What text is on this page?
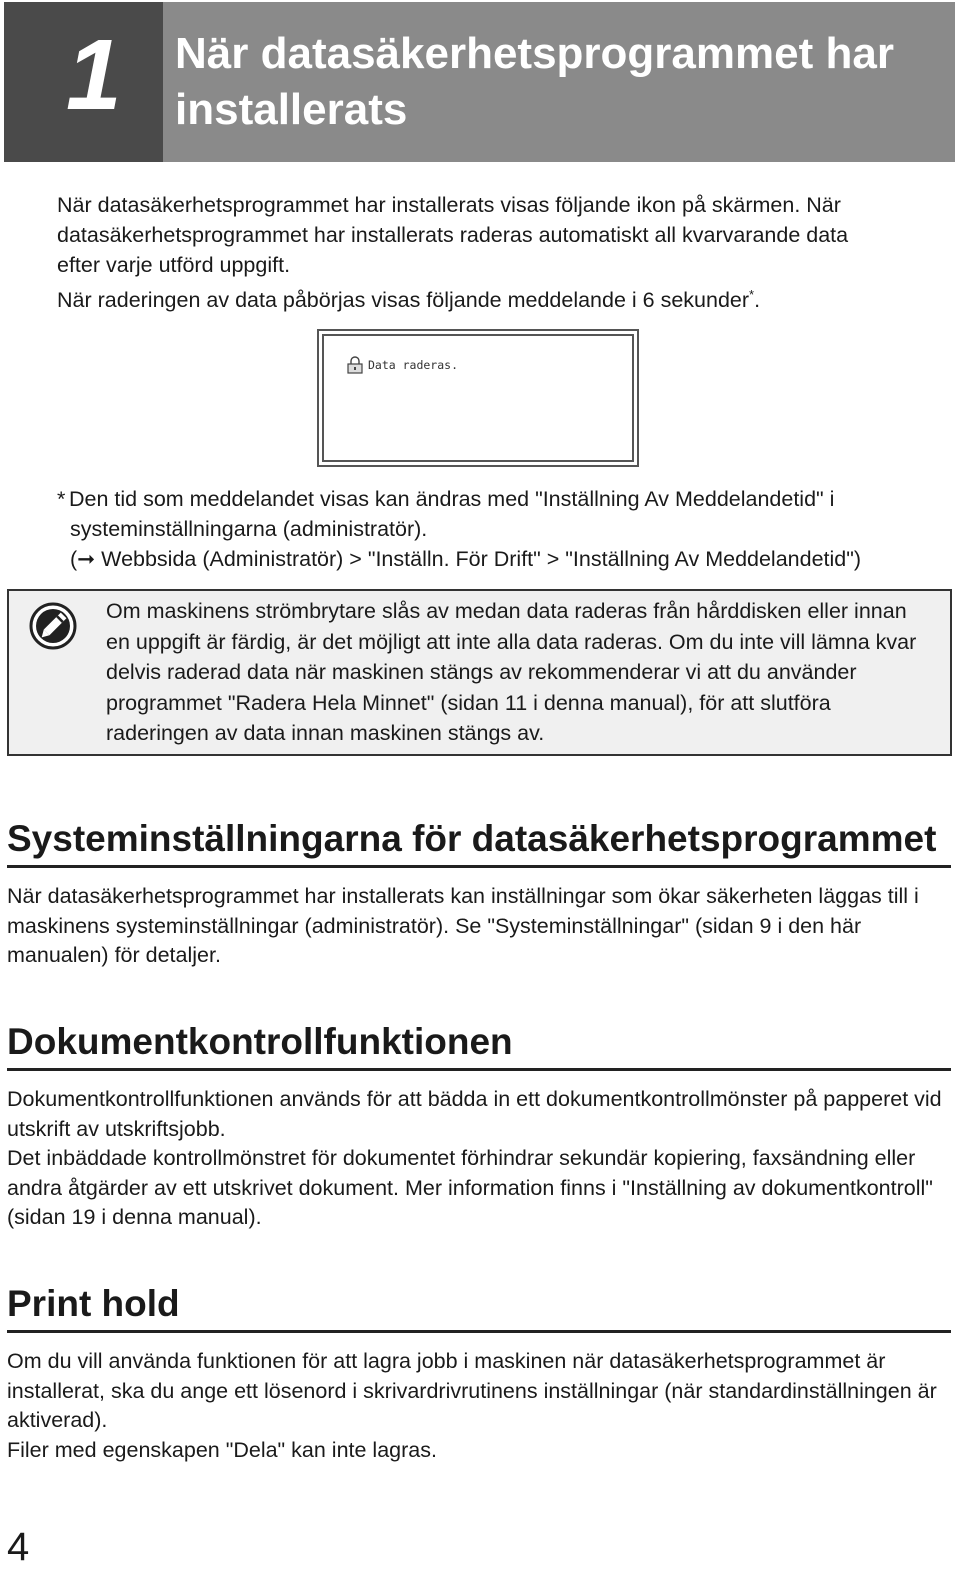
1 När datasäkerhetsprogrammet har installerats
När datasäkerhetsprogrammet har installerats visas följande ikon på skärmen. När
datasäkerhetsprogrammet har installerats raderas automatiskt all kvarvarande data
efter varje utförd uppgift.
När raderingen av data påbörjas visas följande meddelande i 6 sekunder*.
Data raderas.
* Den tid som meddelandet visas kan ändras med "Inställning Av Meddelandetid" i
systeminställningarna (administratör).
(➞ Webbsida (Administratör) > "Inställn. För Drift" > "Inställning Av Meddelandetid")

Om maskinens strömbrytare slås av medan data raderas från hårddisken eller innan en uppgift är färdig, är det möjligt att inte alla data raderas. Om du inte vill lämna kvar delvis raderad data när maskinen stängs av rekommenderar vi att du använder programmet "Radera Hela Minnet" (sidan 11 i denna manual), för att slutföra raderingen av data innan maskinen stängs av.

Systeminställningarna för datasäkerhetsprogrammet

När datasäkerhetsprogrammet har installerats kan inställningar som ökar säkerheten läggas till i maskinens systeminställningar (administratör). Se "Systeminställningar" (sidan 9 i den här manualen) för detaljer.

Dokumentkontrollfunktionen
Dokumentkontrollfunktionen används för att bädda in ett dokumentkontrollmönster på papperet vid utskrift av utskriftsjobb.
Det inbäddade kontrollmönstret för dokumentet förhindrar sekundär kopiering, faxsändning eller andra åtgärder av ett utskrivet dokument. Mer information finns i "Inställning av dokumentkontroll" (sidan 19 i denna manual).
Print hold
Om du vill använda funktionen för att lagra jobb i maskinen när datasäkerhetsprogrammet är installerat, ska du ange ett lösenord i skrivardrivrutinens inställningar (när standardinställningen är aktiverad).
Filer med egenskapen "Dela" kan inte lagras.
4
